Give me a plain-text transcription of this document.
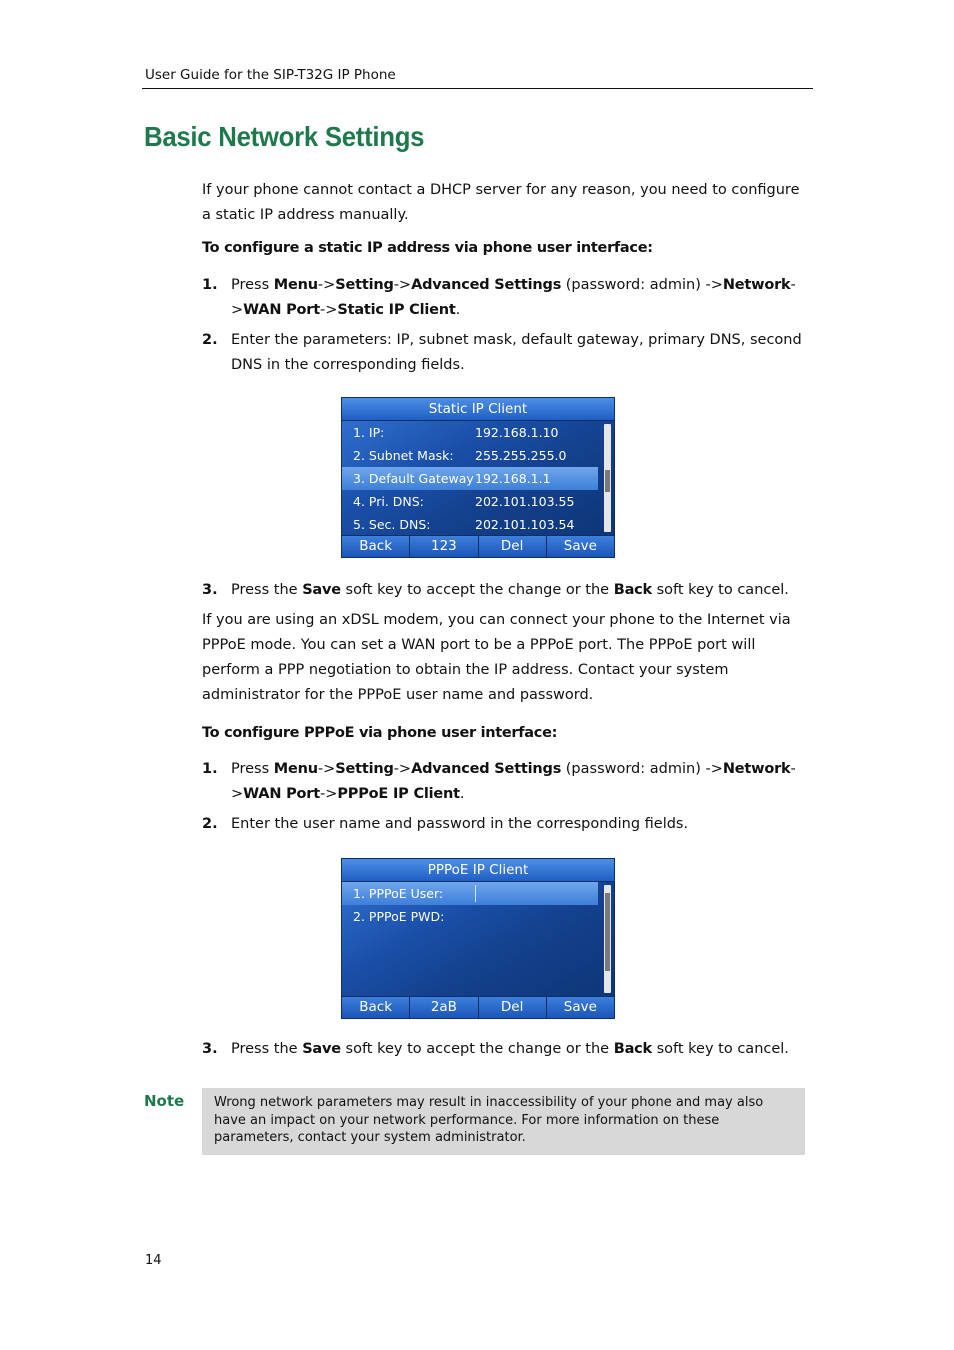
User Guide for the SIP-T32G IP Phone
Basic Network Settings
If your phone cannot contact a DHCP server for any reason, you need to configure a static IP address manually.
To configure a static IP address via phone user interface:
1. Press Menu->Setting->Advanced Settings (password: admin) ->Network->WAN Port->Static IP Client.
2. Enter the parameters: IP, subnet mask, default gateway, primary DNS, second DNS in the corresponding fields.
Static IP Client
1. IP:	192.168.1.10
2. Subnet Mask: 255.255.255.0
3. Default Gateway 192.168.1.1
4. Pri. DNS:	202.101.103.55
5. Sec. DNS:	202.101.103.54
Back	123	Del	Save
3. Press the Save soft key to accept the change or the Back soft key to cancel.
If you are using an xDSL modem, you can connect your phone to the Internet via PPPoE mode. You can set a WAN port to be a PPPoE port. The PPPoE port will perform a PPP negotiation to obtain the IP address. Contact your system administrator for the PPPoE user name and password.
To configure PPPoE via phone user interface:
1. Press Menu->Setting->Advanced Settings (password: admin) ->Network->WAN Port->PPPoE IP Client.
2. Enter the user name and password in the corresponding fields.
PPPoE IP Client
1. PPPoE User:
2. PPPoE PWD:
Back	2aB	Del	Save
3. Press the Save soft key to accept the change or the Back soft key to cancel.
Note Wrong network parameters may result in inaccessibility of your phone and may also have an impact on your network performance. For more information on these parameters, contact your system administrator.
14
